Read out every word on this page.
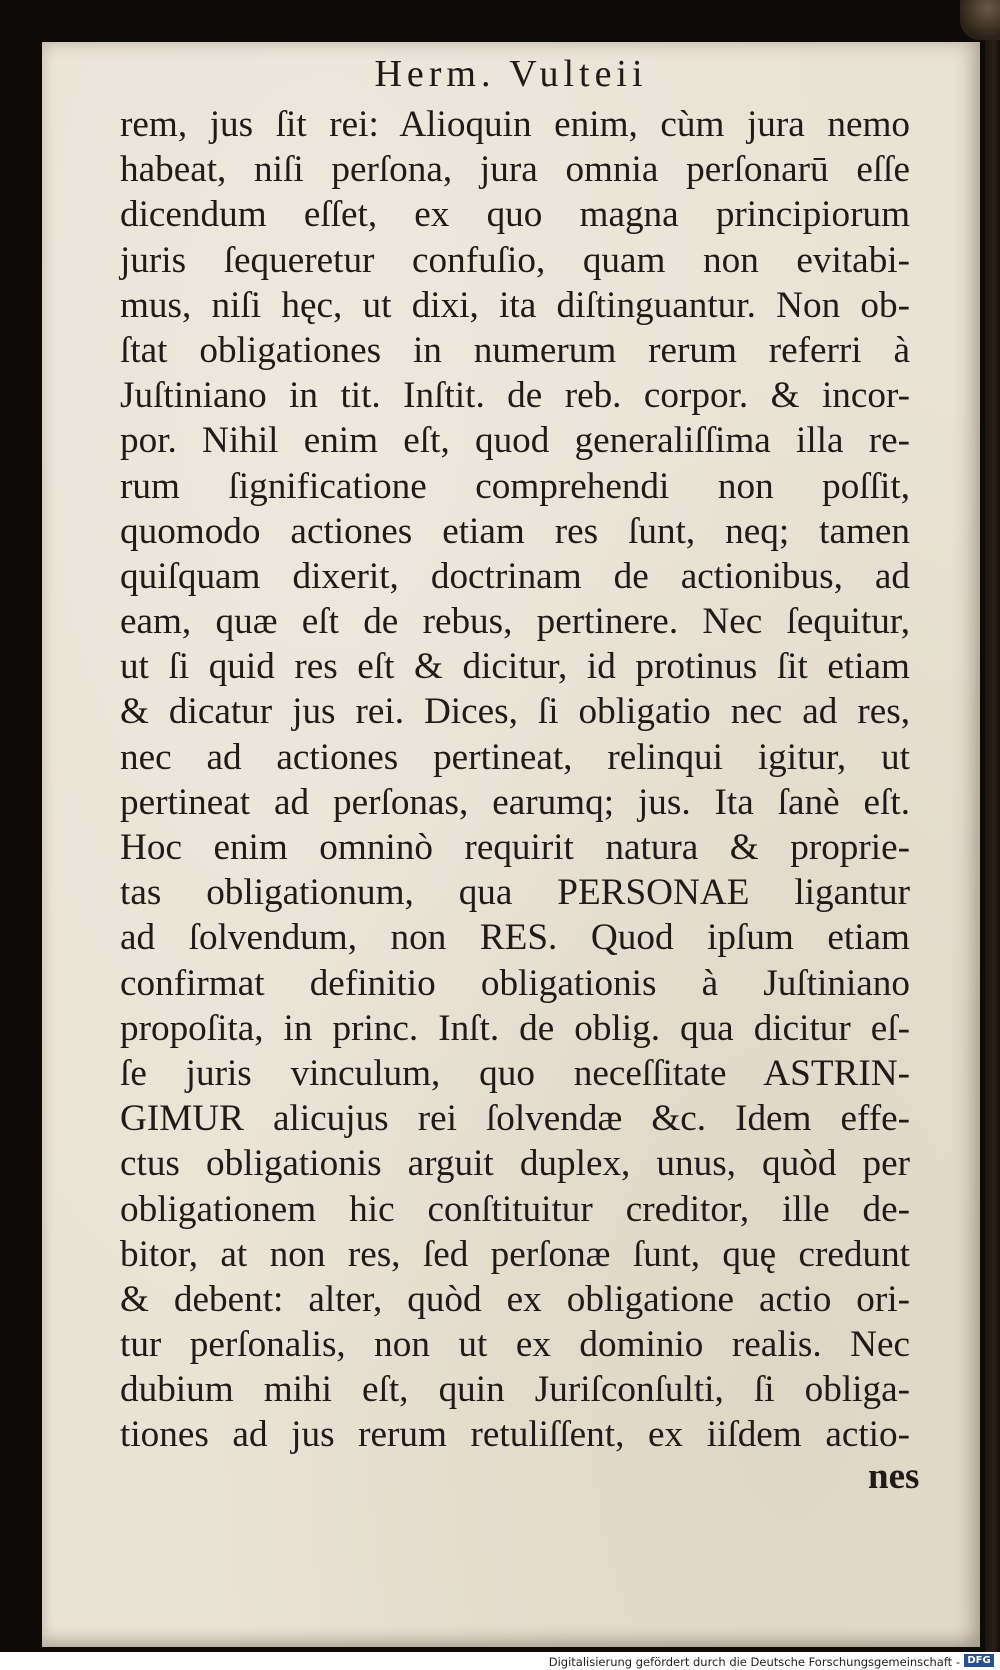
Herm. Vulteii
rem, jus ſit rei: Alioquin enim, cùm jura nemo
habeat, niſi perſona, jura omnia perſonarū eſſe
dicendum eſſet, ex quo magna principiorum
juris ſequeretur confuſio, quam non evitabi-
mus, niſi hęc, ut dixi, ita diſtinguantur. Non ob-
ſtat obligationes in numerum rerum referri à
Juſtiniano in tit. Inſtit. de reb. corpor. & incor-
por. Nihil enim eſt, quod generaliſſima illa re-
rum ſignificatione comprehendi non poſſit,
quomodo actiones etiam res ſunt, neq; tamen
quiſquam dixerit, doctrinam de actionibus, ad
eam, quæ eſt de rebus, pertinere. Nec ſequitur,
ut ſi quid res eſt & dicitur, id protinus ſit etiam
& dicatur jus rei. Dices, ſi obligatio nec ad res,
nec ad actiones pertineat, relinqui igitur, ut
pertineat ad perſonas, earumq; jus. Ita ſanè eſt.
Hoc enim omninò requirit natura & proprie-
tas obligationum, qua PERSONAE ligantur
ad ſolvendum, non RES. Quod ipſum etiam
confirmat definitio obligationis à Juſtiniano
propoſita, in princ. Inſt. de oblig. qua dicitur eſ-
ſe juris vinculum, quo neceſſitate ASTRIN-
GIMUR alicujus rei ſolvendæ &c. Idem effe-
ctus obligationis arguit duplex, unus, quòd per
obligationem hic conſtituitur creditor, ille de-
bitor, at non res, ſed perſonæ ſunt, quę credunt
& debent: alter, quòd ex obligatione actio ori-
tur perſonalis, non ut ex dominio realis. Nec
dubium mihi eſt, quin Juriſconſulti, ſi obliga-
tiones ad jus rerum retuliſſent, ex iiſdem actio-
nes
Digitalisierung gefördert durch die Deutsche Forschungsgemeinschaft - DFG
